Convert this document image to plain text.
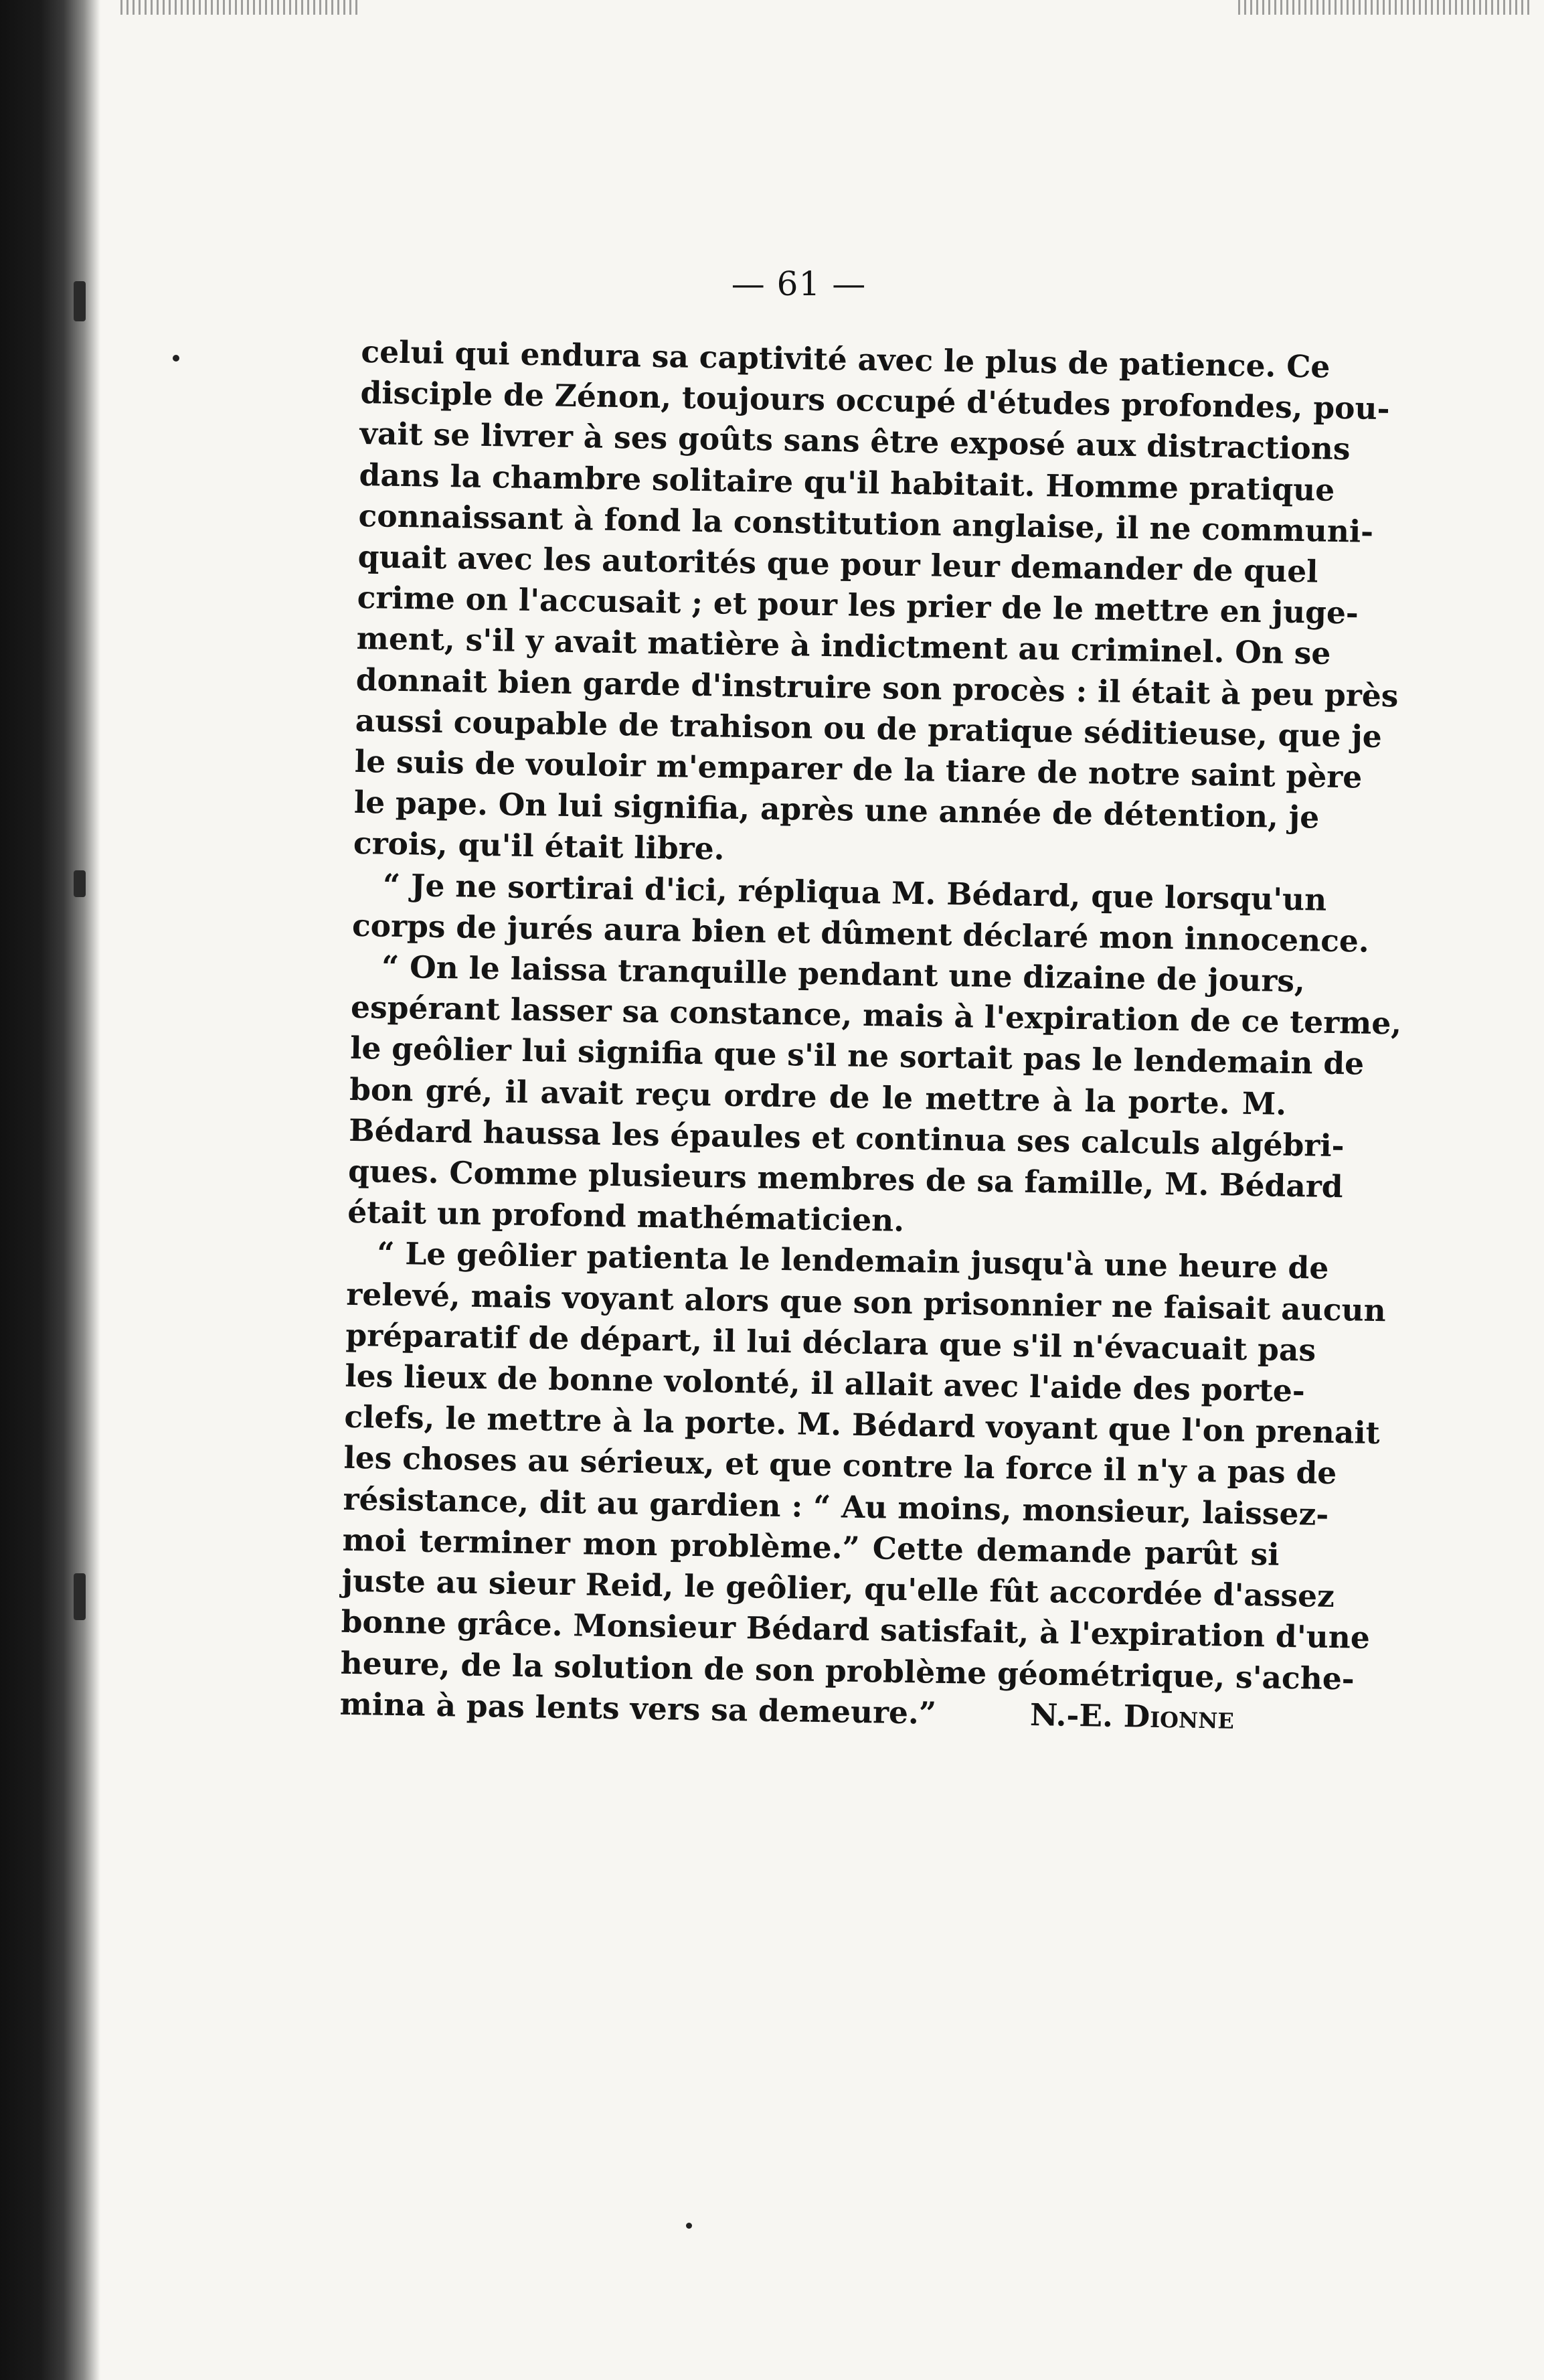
— 61 —
celui qui endura sa captivité avec le plus de patience. Ce
disciple de Zénon, toujours occupé d'études profondes, pou-
vait se livrer à ses goûts sans être exposé aux distractions
dans la chambre solitaire qu'il habitait. Homme pratique
connaissant à fond la constitution anglaise, il ne communi-
quait avec les autorités que pour leur demander de quel
crime on l'accusait ; et pour les prier de le mettre en juge-
ment, s'il y avait matière à indictment au criminel. On se
donnait bien garde d'instruire son procès : il était à peu près
aussi coupable de trahison ou de pratique séditieuse, que je
le suis de vouloir m'emparer de la tiare de notre saint père
le pape. On lui signifia, après une année de détention, je
crois, qu'il était libre.
“ Je ne sortirai d'ici, répliqua M. Bédard, que lorsqu'un
corps de jurés aura bien et dûment déclaré mon innocence.
“ On le laissa tranquille pendant une dizaine de jours,
espérant lasser sa constance, mais à l'expiration de ce terme,
le geôlier lui signifia que s'il ne sortait pas le lendemain de
bon gré, il avait reçu ordre de le mettre à la porte. M.
Bédard haussa les épaules et continua ses calculs algébri-
ques. Comme plusieurs membres de sa famille, M. Bédard
était un profond mathématicien.
“ Le geôlier patienta le lendemain jusqu'à une heure de
relevé, mais voyant alors que son prisonnier ne faisait aucun
préparatif de départ, il lui déclara que s'il n'évacuait pas
les lieux de bonne volonté, il allait avec l'aide des porte-
clefs, le mettre à la porte. M. Bédard voyant que l'on prenait
les choses au sérieux, et que contre la force il n'y a pas de
résistance, dit au gardien : “ Au moins, monsieur, laissez-
moi terminer mon problème.” Cette demande parût si
juste au sieur Reid, le geôlier, qu'elle fût accordée d'assez
bonne grâce. Monsieur Bédard satisfait, à l'expiration d'une
heure, de la solution de son problème géométrique, s'ache-
mina à pas lents vers sa demeure.”	N.-E. Dionne
